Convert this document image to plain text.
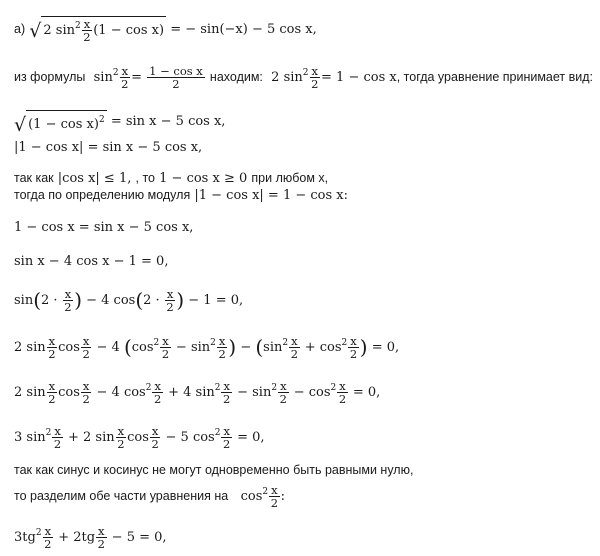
а) √ 2 $\sin^2 \frac{x}{2} (1 - \cos x)$ = − sin(−x) − 5 cos x,
из формулы  $\sin^2 \frac{x}{2} = \frac{\text{1 − cos x}}{2}$ находим:  2 $\sin^2 \frac{x}{2} = 1 - \cos x$, тогда уравнение принимает вид:
√ $(1 - \cos x)^2 = \sin x - 5$ cos x,
|1 − cos x| = sin x − 5 cos x,
так как |cos x| ≤ 1, , то 1 − cos x ≥ 0 при любом x,
тогда по определению модуля |1 − cos x| = 1 − cos x:
1 − cos x = sin x − 5 cos x,
sin x − 4 cos x − 1 = 0,
$\sin(2 \cdot \frac{x}{2}$ ) − 4 $\cos(2 \cdot \frac{x}{2}$ ) − 1 = 0,
2 $\sin \frac{x}{2}$ $\cos \frac{x}{2} - 4$ ($\cos^2 \frac{x}{2} - \sin^2 \frac{x}{2}$ ) − ($\sin^2 \frac{x}{2} + \cos^2 \frac{x}{2}$ ) = 0,
2 $\sin \frac{x}{2}$ $\cos \frac{x}{2} - 4$ $\cos^2 \frac{x}{2} + 4$ $\sin^2 \frac{x}{2} - \sin^2 \frac{x}{2} - \cos^2 \frac{x}{2} = 0$,
3 $\sin^2 \frac{x}{2} + 2$ $\sin \frac{x}{2}$ $\cos \frac{x}{2} - 5$ $\cos^2 \frac{x}{2} = 0$,
так как синус и косинус не могут одновременно быть равными нулю,
то разделим обе части уравнения на   $\cos^2 \frac{x}{2}$ :
$3tg^2 \frac{x}{2} + 2tg \frac{x}{2} - 5 = 0$,
